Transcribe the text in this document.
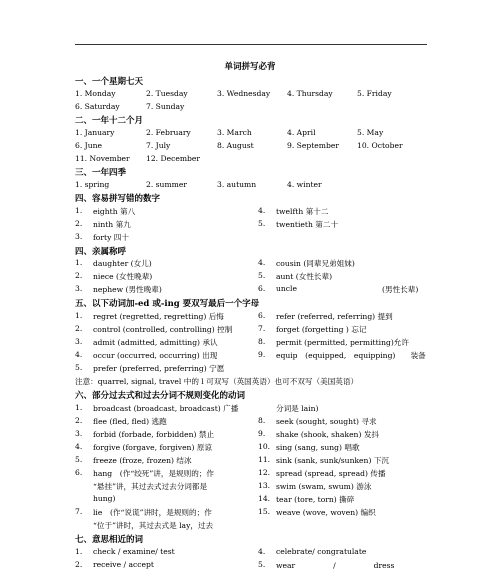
单词拼写必背
一、一个星期七天
1. Monday	2. Tuesday	3. Wednesday 4. Thursday	5. Friday
6. Saturday	7. Sunday
二、一年十二个月
1. January	2. February	3. March	4. April	5. May
6. June	7. July	8. August	9. September 10. October
11. November 12. December
三、一年四季
1. spring	2. summer	3. autumn	4. winter
四、容易拼写错的数字
1. eighth 第八	4. twelfth 第十二
2. ninth 第九	5. twentieth 第二十
3. forty 四十
四、亲属称呼
1. daughter (女儿)	4. cousin (同辈兄弟姐妹)
2. niece (女性晚辈)	5. aunt (女性长辈)
3. nephew (男性晚辈)	6. uncle	(男性长辈)
五、以下动词加-ed 或-ing 要双写最后一个字母
1. regret (regretted, regretting) 后悔	6. refer (referred, referring) 提到
2. control (controlled, controlling) 控制	7. forget (forgetting ) 忘记
3. admit (admitted, admitting) 承认	8. permit (permitted, permitting)允许
4. occur (occurred, occurring) 出现	9. equip　(equipped,　equipping)　　装备
5. prefer (preferred, preferring) 宁愿
注意：quarrel, signal, travel 中的 l 可双写（英国英语）也可不双写（美国英语）
六、部分过去式和过去分词不规则变化的动词
1. broadcast (broadcast, broadcast) 广播	分词是 lain)
2. flee (fled, fled) 逃跑	8. seek (sought, sought) 寻求
3. forbid (forbade, forbidden) 禁止	9. shake (shook, shaken) 发抖
4. forgive (forgave, forgiven) 原谅	10. sing (sang, sung) 唱歌
5. freeze (froze, frozen) 结冰	11. sink (sank, sunk/sunken) 下沉
6. hang　(作“绞死”讲，是规则的；作	12. spread (spread, spread) 传播
“悬挂”讲，其过去式过去分词都是	13. swim (swam, swum) 游泳
hung)	14. tear (tore, torn) 撕碎
7. lie　(作“说谎”讲时，是规则的；作	15. weave (wove, woven) 编织
“位于”讲时，其过去式是 lay，过去
七、意思相近的词
1. check / examine/ test	4. celebrate/ congratulate
2. receive / accept	5. wear　　　　　/　　　　　dress
